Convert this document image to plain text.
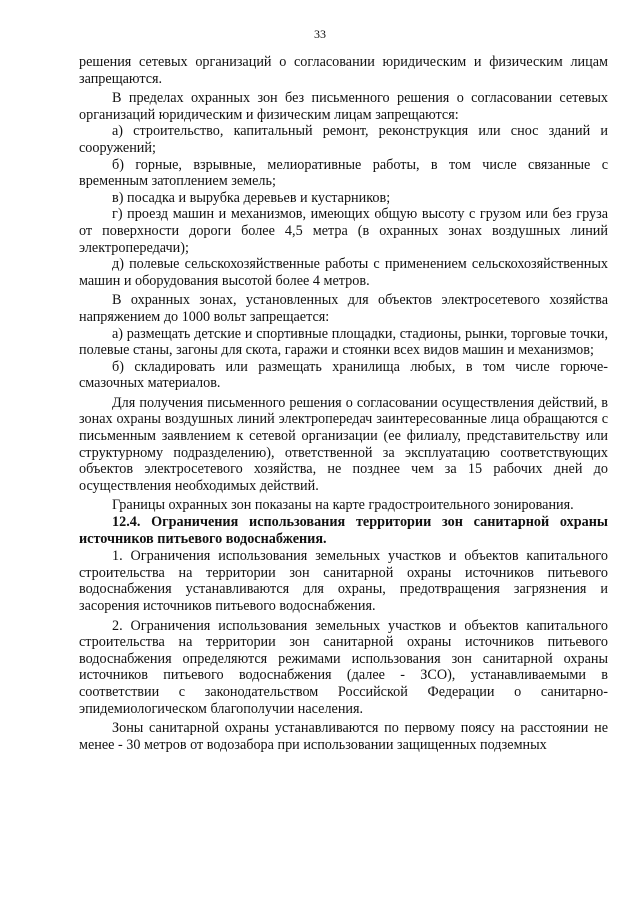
33

решения сетевых организаций о согласовании юридическим и физическим лицам запрещаются.

В пределах охранных зон без письменного решения о согласовании сетевых организаций юридическим и физическим лицам запрещаются:

а) строительство, капитальный ремонт, реконструкция или снос зданий и сооружений;

б) горные, взрывные, мелиоративные работы, в том числе связанные с временным затоплением земель;

в) посадка и вырубка деревьев и кустарников;

г) проезд машин и механизмов, имеющих общую высоту с грузом или без груза от поверхности дороги более 4,5 метра (в охранных зонах воздушных линий электропередачи);

д) полевые сельскохозяйственные работы с применением сельскохозяйственных машин и оборудования высотой более 4 метров.

В охранных зонах, установленных для объектов электросетевого хозяйства напряжением до 1000 вольт запрещается:

а) размещать детские и спортивные площадки, стадионы, рынки, торговые точки, полевые станы, загоны для скота, гаражи и стоянки всех видов машин и механизмов;

б) складировать или размещать хранилища любых, в том числе горюче-смазочных материалов.

Для получения письменного решения о согласовании осуществления действий, в зонах охраны воздушных линий электропередач заинтересованные лица обращаются с письменным заявлением к сетевой организации (ее филиалу, представительству или структурному подразделению), ответственной за эксплуатацию соответствующих объектов электросетевого хозяйства, не позднее чем за 15 рабочих дней до осуществления необходимых действий.

Границы охранных зон показаны на карте градостроительного зонирования.

12.4. Ограничения использования территории зон санитарной охраны источников питьевого водоснабжения.

1. Ограничения использования земельных участков и объектов капитального строительства на территории зон санитарной охраны источников питьевого водоснабжения устанавливаются для охраны, предотвращения загрязнения и засорения источников питьевого водоснабжения.

2. Ограничения использования земельных участков и объектов капитального строительства на территории зон санитарной охраны источников питьевого водоснабжения определяются режимами использования зон санитарной охраны источников питьевого водоснабжения (далее - ЗСО), устанавливаемыми в соответствии с законодательством Российской Федерации о санитарно-эпидемиологическом благополучии населения.

Зоны санитарной охраны устанавливаются по первому поясу на расстоянии не менее - 30 метров от водозабора при использовании защищенных подземных
